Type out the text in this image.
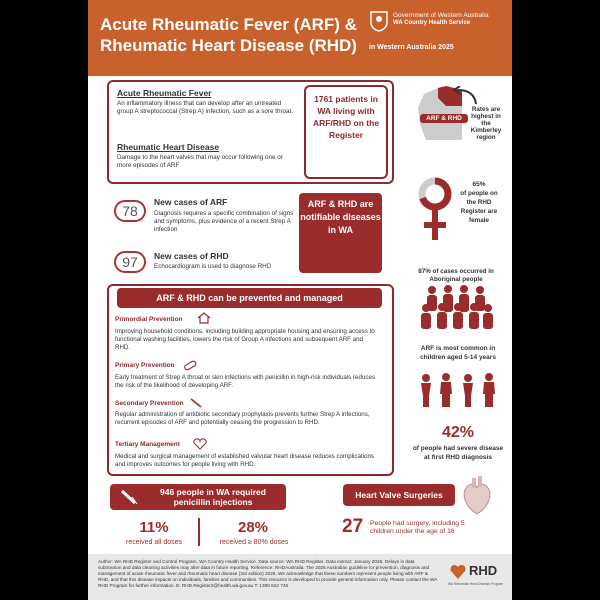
Acute Rheumatic Fever (ARF) &
Rheumatic Heart Disease (RHD)
Government of Western Australia
WA Country Health Service
in Western Australia 2025
Acute Rheumatic Fever
An inflammatory illness that can develop after an untreated group A streptococcal (Strep A) infection, such as a sore throat.
Rheumatic Heart Disease
Damage to the heart valves that may occur following one or more episodes of ARF
1761 patients in WA living with ARF/RHD on the Register
ARF & RHD
Rates are highest in the Kimberley region
65%
of people on the RHD Register are female
78
New cases of ARF
Diagnosis requires a specific combination of signs and symptoms, plus evidence of a recent Strep A infection
97	New cases of RHD
Echocardiogram is used to diagnose RHD
ARF & RHD are notifiable diseases in WA
ARF & RHD can be prevented and managed
Primordial Prevention
Improving household conditions, including building appropriate housing and ensuring access to functional washing facilities, lowers the risk of Group A infections and subsequent ARF and RHD.
Primary Prevention
Early treatment of Strep A throat or skin infections with penicillin in high-risk individuals reduces the risk of the likelihood of developing ARF.
Secondary Prevention
Regular administration of antibiotic secondary prophylaxis prevents further Strep A infections, recurrent episodes of ARF and potentially ceasing the progression to RHD.
Tertiary Management
Medical and surgical management of established valvular heart disease reduces complications and improves outcomes for people living with RHD.
87% of cases occurred in Aboriginal people
ARF is most common in children aged 5-14 years
42%
of people had severe disease at first RHD diagnosis
946 people in WA required
penicillin injections
11%
received all doses
28%
received ≥ 80% doses
Heart Valve Surgeries
27 People had surgery, including 5 children under the age of 16
Author: WA RHD Register and Control Program, WA Country Health Service. Data source: WA RHD Register. Data extract: January 2026. Delays in data submission and data cleaning activities may alter data in future reporting. Reference: RHDAustralia. The 2025 Australian guideline for prevention, diagnosis and management of acute rheumatic fever and rheumatic heart disease (3rd edition) 2025. We acknowledge that these numbers represent people living with ARF & RHD, and that this disease impacts on individuals, families and communities. This resource is developed to provide general information only. Please contact the WA RHD Program for further information. E: RHD.Register2@health.wa.gov.au T: 1300 622 745
RHD
WA Rheumatic Heart Disease Program
